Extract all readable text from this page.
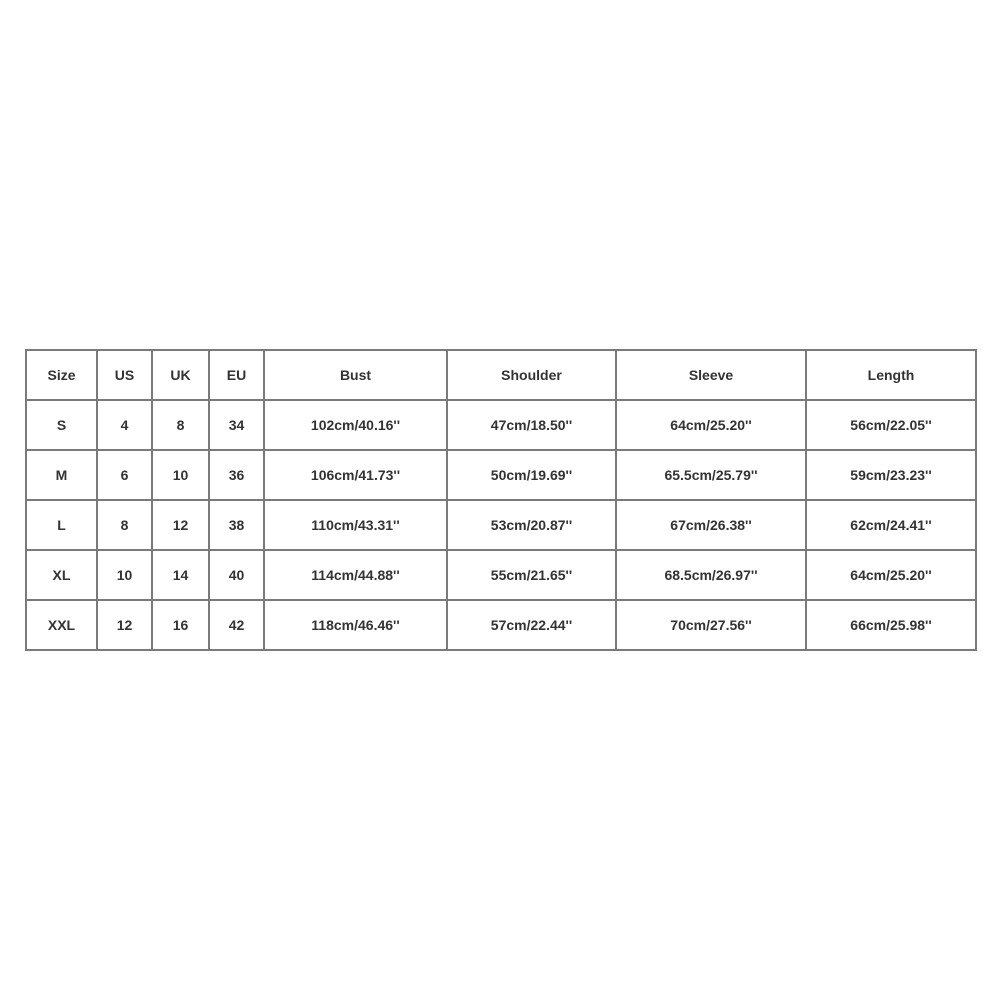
Size	US	UK	EU	Bust	Shoulder	Sleeve	Length
S	4	8	34	102cm/40.16''	47cm/18.50''	64cm/25.20''	56cm/22.05''
M	6	10	36	106cm/41.73''	50cm/19.69''	65.5cm/25.79''	59cm/23.23''
L	8	12	38	110cm/43.31''	53cm/20.87''	67cm/26.38''	62cm/24.41''
XL	10	14	40	114cm/44.88''	55cm/21.65''	68.5cm/26.97''	64cm/25.20''
XXL	12	16	42	118cm/46.46''	57cm/22.44''	70cm/27.56''	66cm/25.98''
